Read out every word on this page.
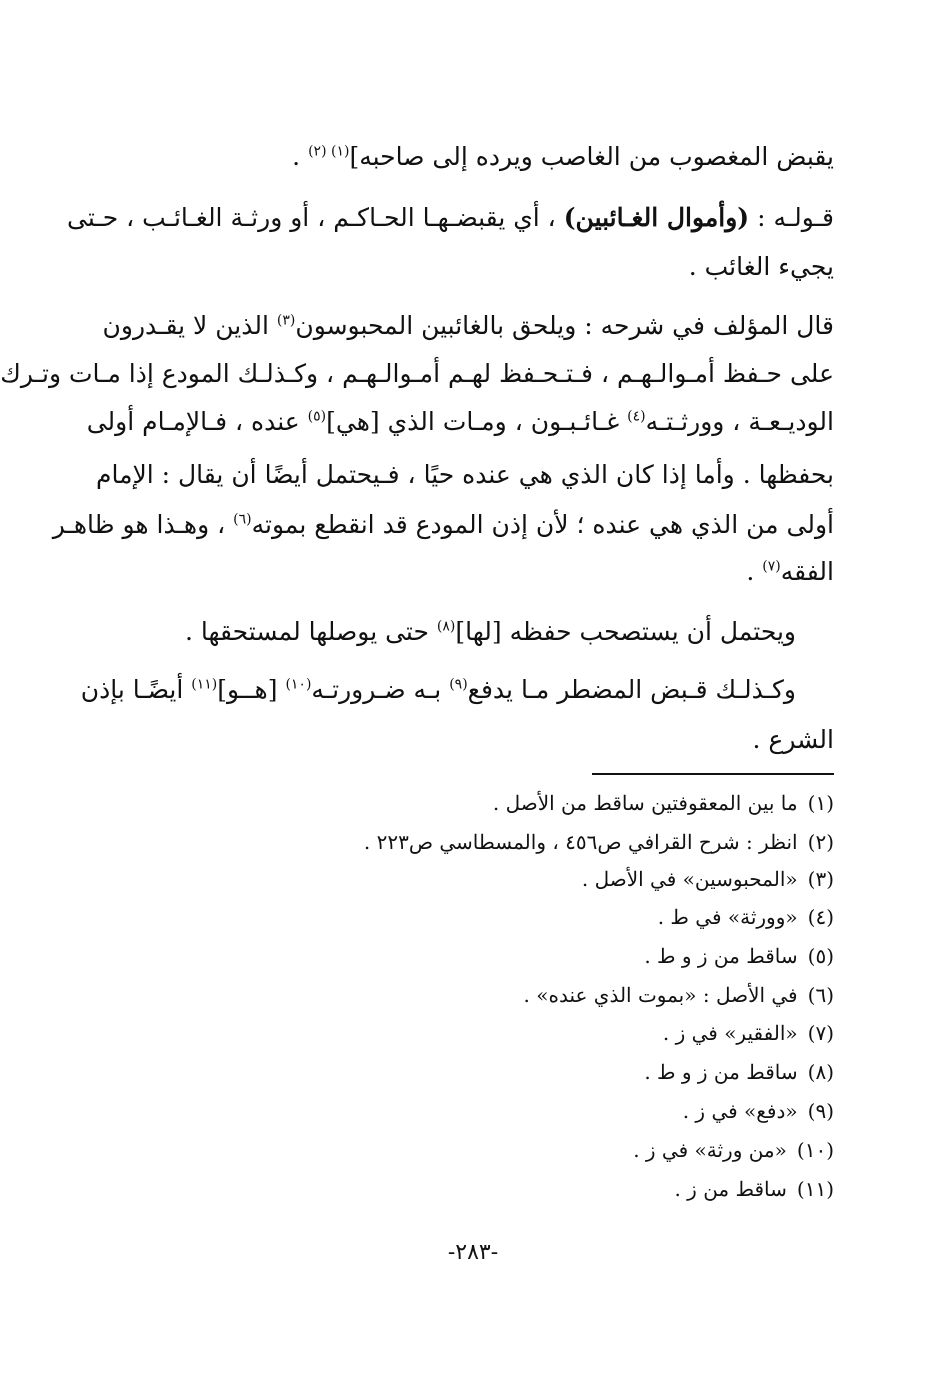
يقبض المغصوب من الغاصب ويرده إلى صاحبه]$^{(١) (٢)}$ .
قـولـه : (وأموال الغـائبين) ، أي يقبضـهـا الحـاكـم ، أو ورثـة الغـائـب ، حـتى
يجيء الغائب .
قال المؤلف في شرحه : ويلحق بالغائبين المحبوسون$^{(٣)}$ الذين لا يقـدرون
على حـفظ أمـوالـهـم ، فـتـحـفظ لهـم أمـوالـهـم ، وكـذلـك المودع إذا مـات وتـرك
الوديـعـة ، وورثـتـه$^{(٤)}$ غـائـبـون ، ومـات الذي [هي]$^{(٥)}$ عنده ، فـالإمـام أولى
بحفظها . وأما إذا كان الذي هي عنده حيًا ، فـيحتمل أيضًا أن يقال : الإمام
أولى من الذي هي عنده ؛ لأن إذن المودع قد انقطع بموته$^{(٦)}$ ، وهـذا هو ظاهـر
الفقه$^{(٧)}$ .
ويحتمل أن يستصحب حفظه [لها]$^{(٨)}$ حتى يوصلها لمستحقها .
وكـذلـك قـبض المضطر مـا يدفع$^{(٩)}$ بـه ضـرورتـه$^{(١٠)}$ [هــو]$^{(١١)}$ أيضًـا بإذن
الشرع .
(١)ما بين المعقوفتين ساقط من الأصل .
(٢)انظر : شرح القرافي ص٤٥٦ ، والمسطاسي ص٢٢٣ .
(٣)«المحبوسين» في الأصل .
(٤)«وورثة» في ط .
(٥)ساقط من ز و ط .
(٦)في الأصل : «بموت الذي عنده» .
(٧)«الفقير» في ز .
(٨)ساقط من ز و ط .
(٩)«دفع» في ز .
(١٠)«من ورثة» في ز .
(١١)ساقط من ز .
-٢٨٣-
